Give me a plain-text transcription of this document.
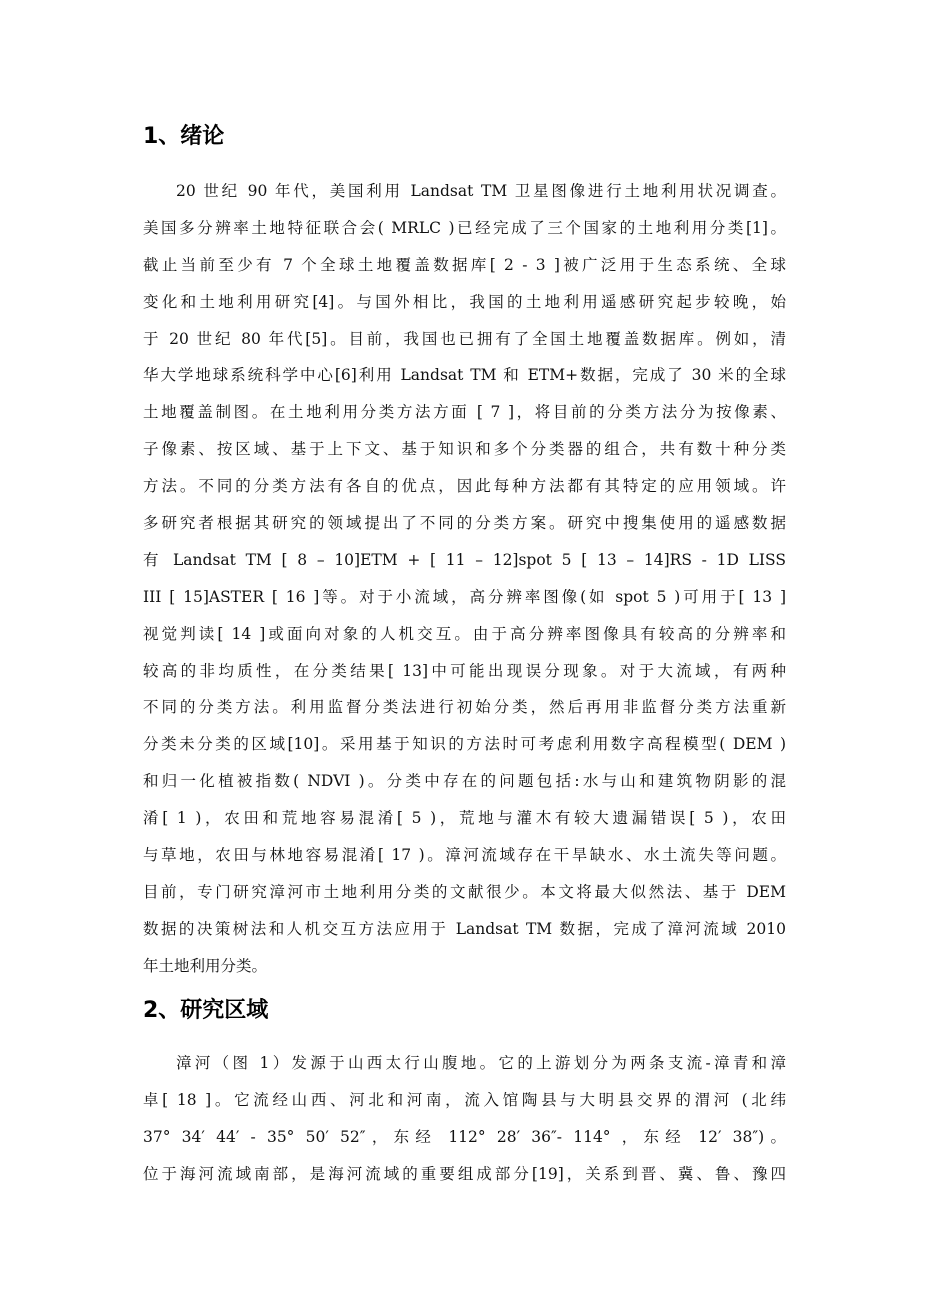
1、绪论
20 世纪 90 年代，美国利用 Landsat TM 卫星图像进行土地利用状况调查。
美国多分辨率土地特征联合会( MRLC )已经完成了三个国家的土地利用分类[1]。
截止当前至少有 7 个全球土地覆盖数据库[ 2 - 3 ]被广泛用于生态系统、全球
变化和土地利用研究[4]。与国外相比，我国的土地利用遥感研究起步较晚，始
于 20 世纪 80 年代[5]。目前，我国也已拥有了全国土地覆盖数据库。例如，清
华大学地球系统科学中心[6]利用 Landsat TM 和 ETM+数据，完成了 30 米的全球
土地覆盖制图。在土地利用分类方法方面 [ 7 ]，将目前的分类方法分为按像素、
子像素、按区域、基于上下文、基于知识和多个分类器的组合，共有数十种分类
方法。不同的分类方法有各自的优点，因此每种方法都有其特定的应用领域。许
多研究者根据其研究的领域提出了不同的分类方案。研究中搜集使用的遥感数据
有 Landsat TM [ 8 – 10]ETM + [ 11 – 12]spot 5 [ 13 – 14]RS - 1D LISS
III [ 15]ASTER [ 16 ]等。对于小流域，高分辨率图像(如 spot 5 )可用于[ 13 ]
视觉判读[ 14 ]或面向对象的人机交互。由于高分辨率图像具有较高的分辨率和
较高的非均质性，在分类结果[ 13]中可能出现误分现象。对于大流域，有两种
不同的分类方法。利用监督分类法进行初始分类，然后再用非监督分类方法重新
分类未分类的区域[10]。采用基于知识的方法时可考虑利用数字高程模型( DEM )
和归一化植被指数( NDVI )。分类中存在的问题包括:水与山和建筑物阴影的混
淆[ 1 )，农田和荒地容易混淆[ 5 )，荒地与灌木有较大遗漏错误[ 5 )，农田
与草地，农田与林地容易混淆[ 17 )。漳河流域存在干旱缺水、水土流失等问题。
目前，专门研究漳河市土地利用分类的文献很少。本文将最大似然法、基于 DEM
数据的决策树法和人机交互方法应用于 Landsat TM 数据，完成了漳河流域 2010
年土地利用分类。
2、研究区域
漳河（图 1）发源于山西太行山腹地。它的上游划分为两条支流-漳青和漳
卓[ 18 ]。它流经山西、河北和河南，流入馆陶县与大明县交界的渭河 (北纬
37° 34′ 44′ - 35° 50′ 52″，东经 112° 28′ 36″- 114° ，东经 12′ 38″)。
位于海河流域南部，是海河流域的重要组成部分[19]，关系到晋、冀、鲁、豫四
